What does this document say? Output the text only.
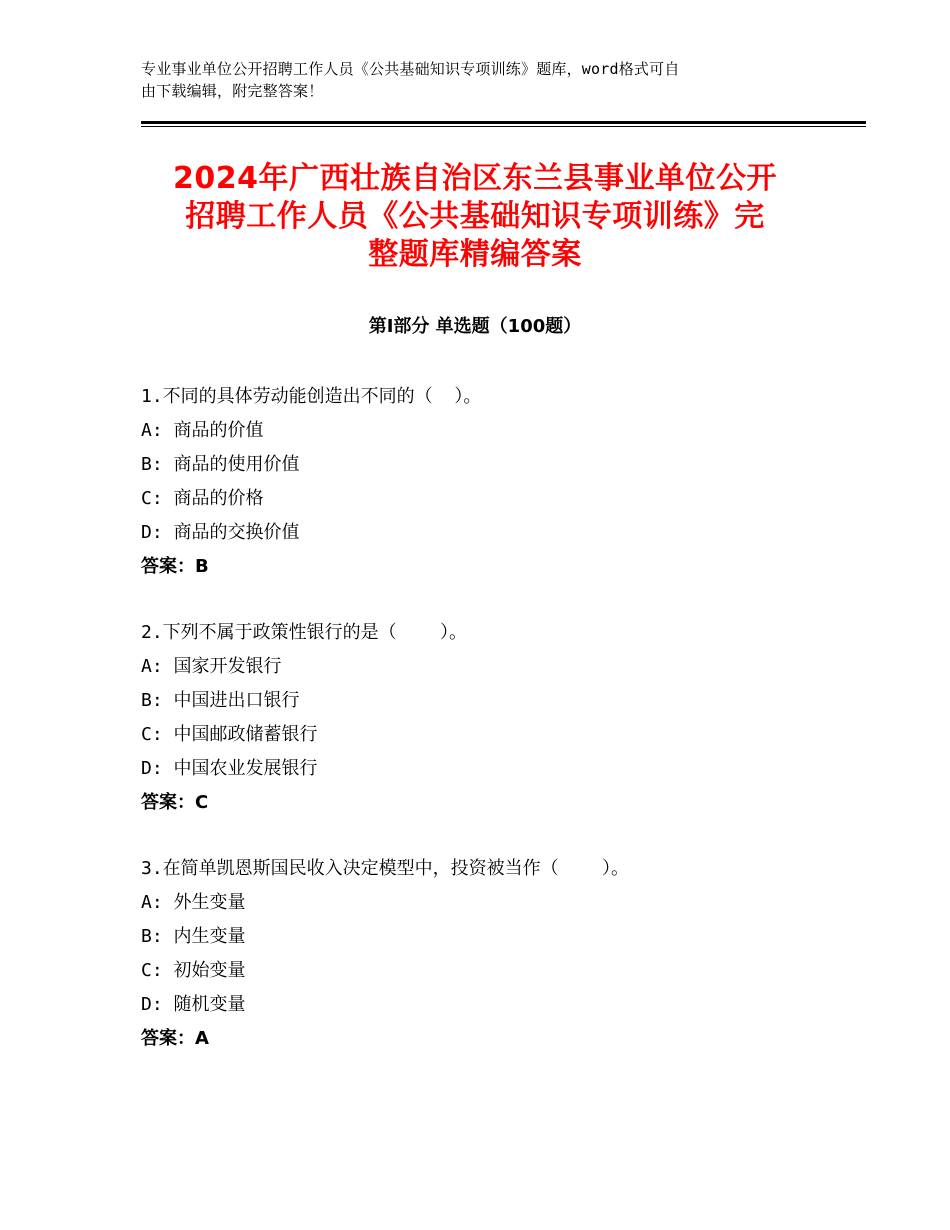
专业事业单位公开招聘工作人员《公共基础知识专项训练》题库，word格式可自
由下载编辑，附完整答案！
2024年广西壮族自治区东兰县事业单位公开
招聘工作人员《公共基础知识专项训练》完
整题库精编答案
第Ⅰ部分 单选题（100题）
1.不同的具体劳动能创造出不同的（  ）。
A: 商品的价值
B: 商品的使用价值
C: 商品的价格
D: 商品的交换价值
答案：B
2.下列不属于政策性银行的是（    ）。
A: 国家开发银行
B: 中国进出口银行
C: 中国邮政储蓄银行
D: 中国农业发展银行
答案：C
3.在简单凯恩斯国民收入决定模型中，投资被当作（    ）。
A: 外生变量
B: 内生变量
C: 初始变量
D: 随机变量
答案：A
